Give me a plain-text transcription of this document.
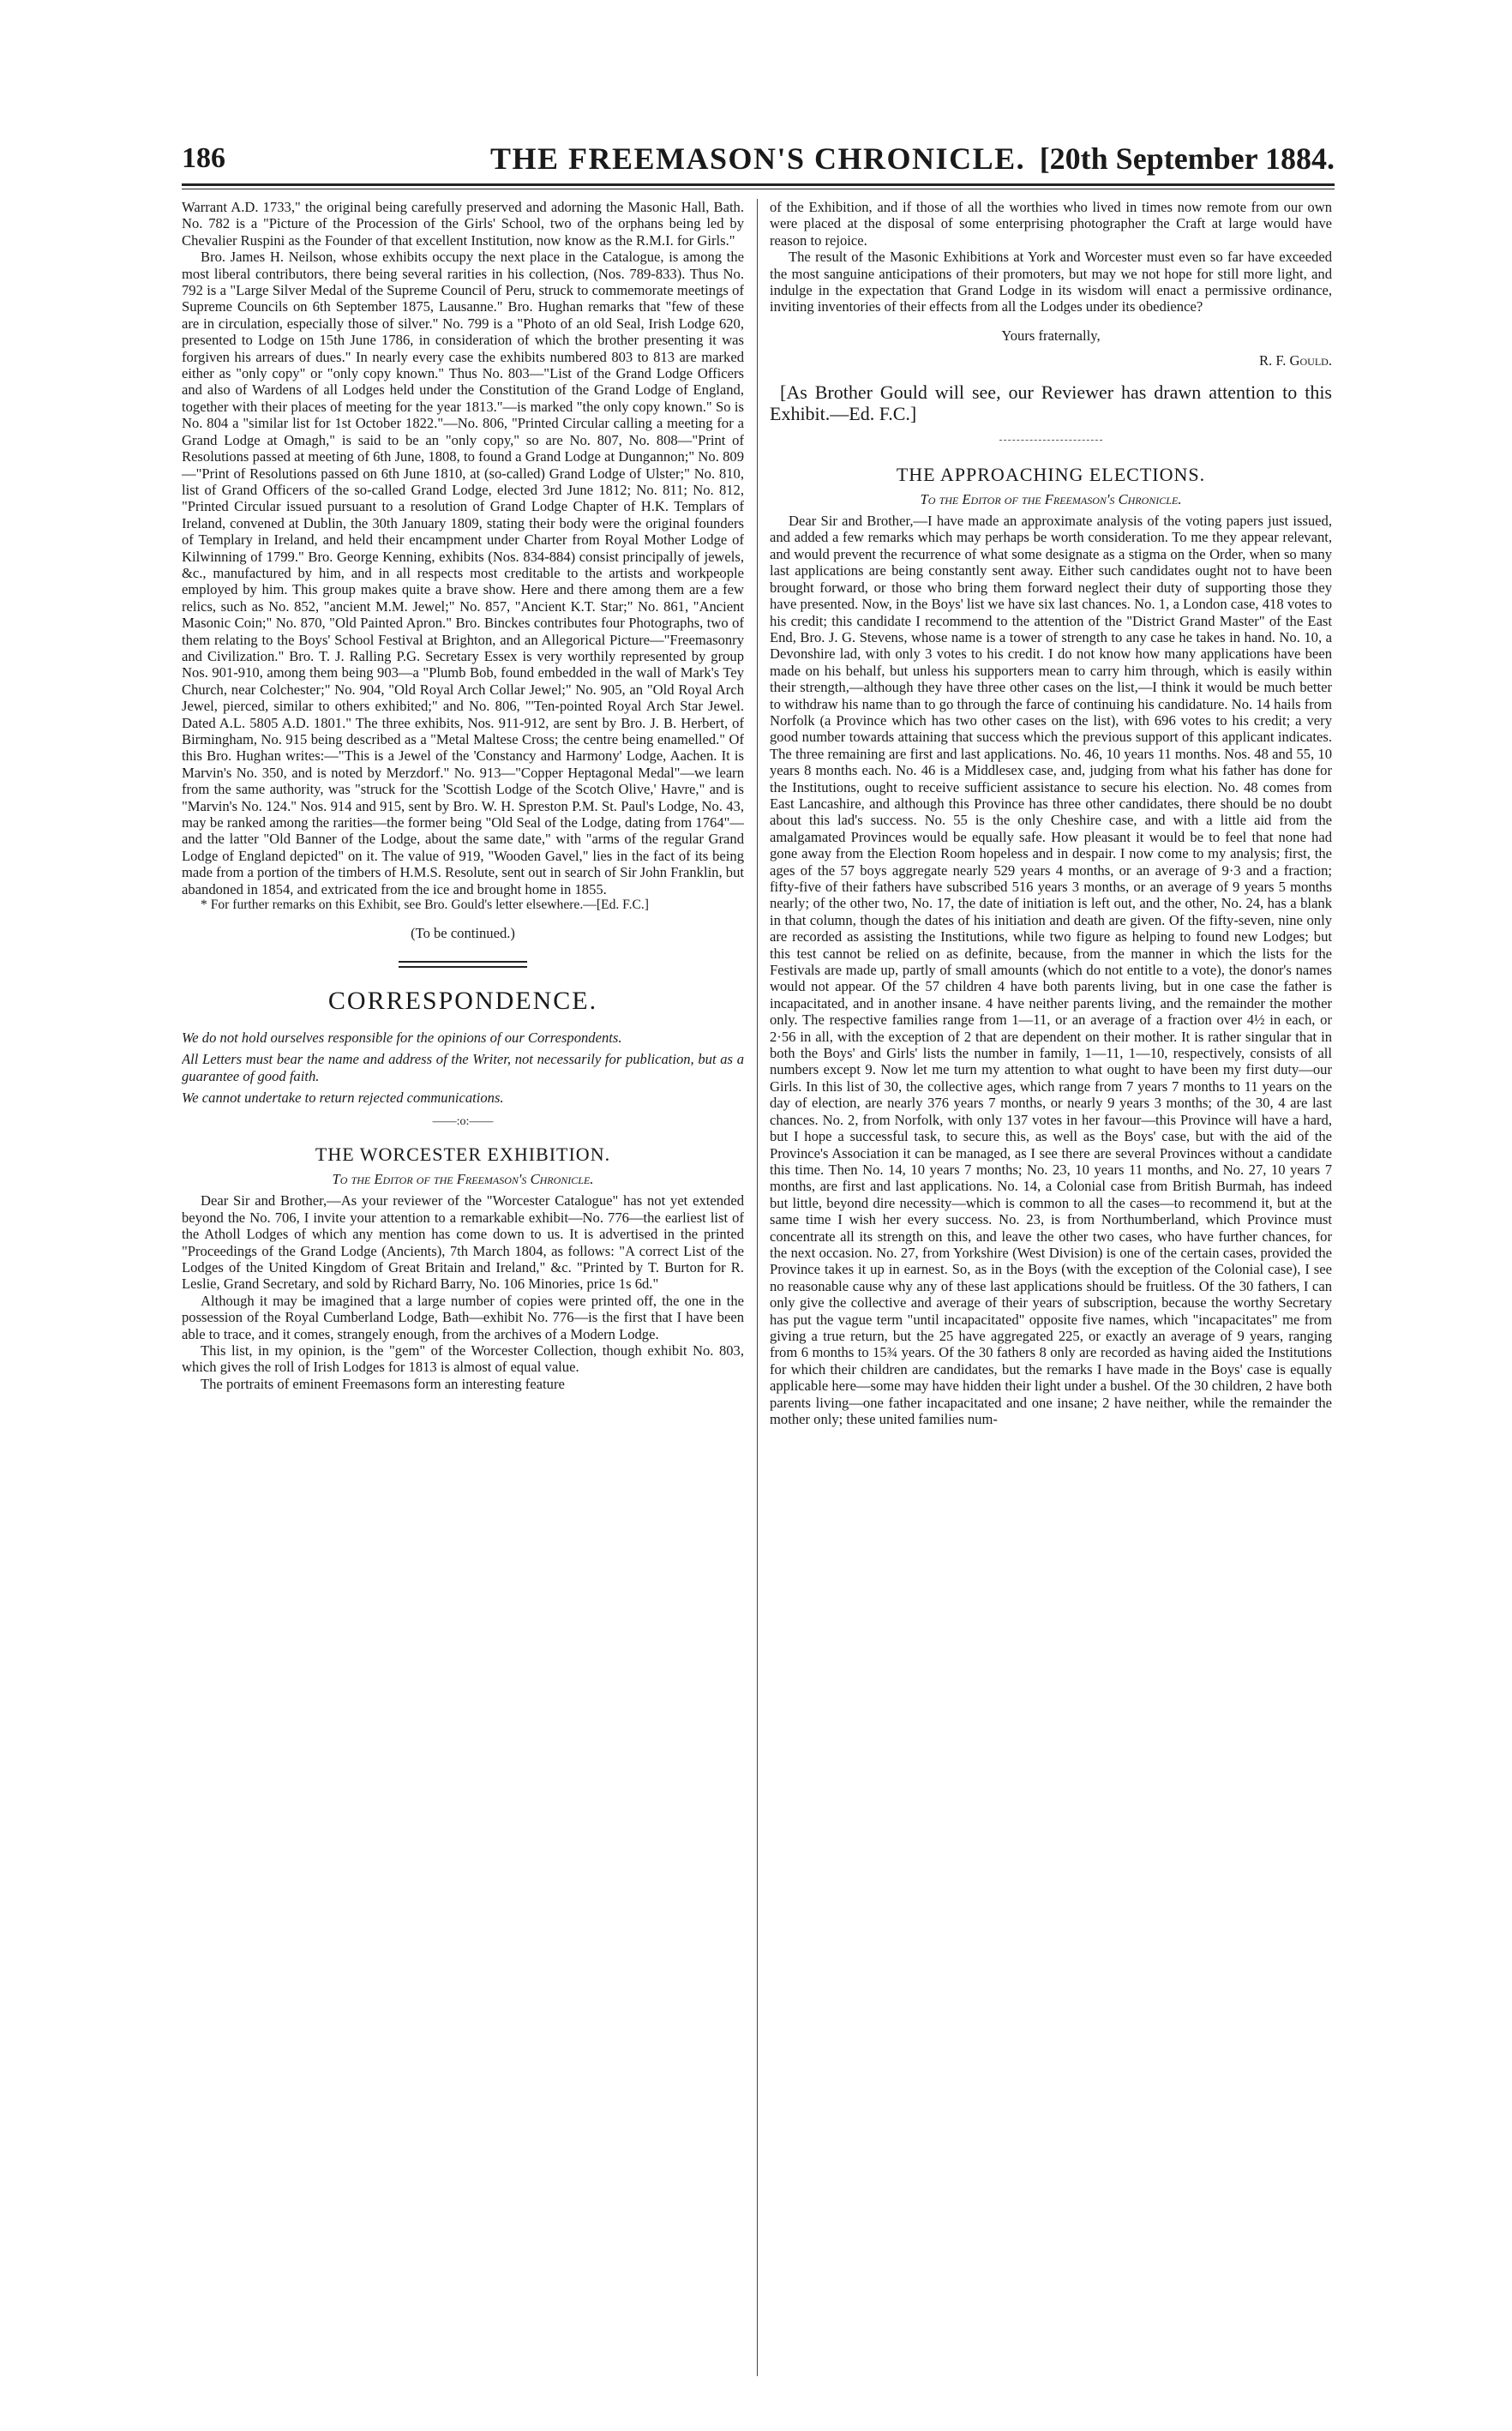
186	THE FREEMASON'S CHRONICLE. [20th September 1884.

Warrant A.D. 1733," the original being carefully preserved and adorning the Masonic Hall, Bath. No. 782 is a "Picture of the Procession of the Girls' School, two of the orphans being led by Chevalier Ruspini as the Founder of that excellent Institution, now know as the R.M.I. for Girls."

Bro. James H. Neilson, whose exhibits occupy the next place in the Catalogue, is among the most liberal contributors, there being several rarities in his collection, (Nos. 789-833). Thus No. 792 is a "Large Silver Medal of the Supreme Council of Peru, struck to commemorate meetings of Supreme Councils on 6th September 1875, Lausanne." Bro. Hughan remarks that "few of these are in circulation, especially those of silver." No. 799 is a "Photo of an old Seal, Irish Lodge 620, presented to Lodge on 15th June 1786, in consideration of which the brother presenting it was forgiven his arrears of dues." In nearly every case the exhibits numbered 803 to 813 are marked either as "only copy" or "only copy known." Thus No. 803—"List of the Grand Lodge Officers and also of Wardens of all Lodges held under the Constitution of the Grand Lodge of England, together with their places of meeting for the year 1813."—is marked "the only copy known." So is No. 804 a "similar list for 1st October 1822."—No. 806, "Printed Circular calling a meeting for a Grand Lodge at Omagh," is said to be an "only copy," so are No. 807, No. 808—"Print of Resolutions passed at meeting of 6th June, 1808, to found a Grand Lodge at Dungannon;" No. 809—"Print of Resolutions passed on 6th June 1810, at (so-called) Grand Lodge of Ulster;" No. 810, list of Grand Officers of the so-called Grand Lodge, elected 3rd June 1812; No. 811; No. 812, "Printed Circular issued pursuant to a resolution of Grand Lodge Chapter of H.K. Templars of Ireland, convened at Dublin, the 30th January 1809, stating their body were the original founders of Templary in Ireland, and held their encampment under Charter from Royal Mother Lodge of Kilwinning of 1799." Bro. George Kenning, exhibits (Nos. 834-884) consist principally of jewels, &c., manufactured by him, and in all respects most creditable to the artists and workpeople employed by him. This group makes quite a brave show. Here and there among them are a few relics, such as No. 852, "ancient M.M. Jewel;" No. 857, "Ancient K.T. Star;" No. 861, "Ancient Masonic Coin;" No. 870, "Old Painted Apron." Bro. Binckes contributes four Photographs, two of them relating to the Boys' School Festival at Brighton, and an Allegorical Picture—"Freemasonry and Civilization." Bro. T. J. Ralling P.G. Secretary Essex is very worthily represented by group Nos. 901-910, among them being 903—a "Plumb Bob, found embedded in the wall of Mark's Tey Church, near Colchester;" No. 904, "Old Royal Arch Collar Jewel;" No. 905, an "Old Royal Arch Jewel, pierced, similar to others exhibited;" and No. 806, "'Ten-pointed Royal Arch Star Jewel. Dated A.L. 5805 A.D. 1801." The three exhibits, Nos. 911-912, are sent by Bro. J. B. Herbert, of Birmingham, No. 915 being described as a "Metal Maltese Cross; the centre being enamelled." Of this Bro. Hughan writes:—"This is a Jewel of the 'Constancy and Harmony' Lodge, Aachen. It is Marvin's No. 350, and is noted by Merzdorf." No. 913—"Copper Heptagonal Medal"—we learn from the same authority, was "struck for the 'Scottish Lodge of the Scotch Olive,' Havre," and is "Marvin's No. 124." Nos. 914 and 915, sent by Bro. W. H. Spreston P.M. St. Paul's Lodge, No. 43, may be ranked among the rarities—the former being "Old Seal of the Lodge, dating from 1764"—and the latter "Old Banner of the Lodge, about the same date," with "arms of the regular Grand Lodge of England depicted" on it. The value of 919, "Wooden Gavel," lies in the fact of its being made from a portion of the timbers of H.M.S. Resolute, sent out in search of Sir John Franklin, but abandoned in 1854, and extricated from the ice and brought home in 1855.

* For further remarks on this Exhibit, see Bro. Gould's letter elsewhere.—[Ed. F.C.]

(To be continued.)

CORRESPONDENCE.

We do not hold ourselves responsible for the opinions of our Correspondents.

All Letters must bear the name and address of the Writer, not necessarily for publication, but as a guarantee of good faith.

We cannot undertake to return rejected communications.

——:o:——
THE WORCESTER EXHIBITION.
To the Editor of the Freemason's Chronicle.

Dear Sir and Brother,—As your reviewer of the "Worcester Catalogue" has not yet extended beyond the No. 706, I invite your attention to a remarkable exhibit—No. 776—the earliest list of the Atholl Lodges of which any mention has come down to us. It is advertised in the printed "Proceedings of the Grand Lodge (Ancients), 7th March 1804, as follows: "A correct List of the Lodges of the United Kingdom of Great Britain and Ireland," &c. "Printed by T. Burton for R. Leslie, Grand Secretary, and sold by Richard Barry, No. 106 Minories, price 1s 6d."

Although it may be imagined that a large number of copies were printed off, the one in the possession of the Royal Cumberland Lodge, Bath—exhibit No. 776—is the first that I have been able to trace, and it comes, strangely enough, from the archives of a Modern Lodge.

This list, in my opinion, is the "gem" of the Worcester Collection, though exhibit No. 803, which gives the roll of Irish Lodges for 1813 is almost of equal value.

The portraits of eminent Freemasons form an interesting feature

of the Exhibition, and if those of all the worthies who lived in times now remote from our own were placed at the disposal of some enterprising photographer the Craft at large would have reason to rejoice.

The result of the Masonic Exhibitions at York and Worcester must even so far have exceeded the most sanguine anticipations of their promoters, but may we not hope for still more light, and indulge in the expectation that Grand Lodge in its wisdom will enact a permissive ordinance, inviting inventories of their effects from all the Lodges under its obedience?

Yours fraternally,

R. F. Gould.

[As Brother Gould will see, our Reviewer has drawn attention to this Exhibit.—Ed. F.C.]

THE APPROACHING ELECTIONS.
To the Editor of the Freemason's Chronicle.

Dear Sir and Brother,—I have made an approximate analysis of the voting papers just issued, and added a few remarks which may perhaps be worth consideration. To me they appear relevant, and would prevent the recurrence of what some designate as a stigma on the Order, when so many last applications are being constantly sent away. Either such candidates ought not to have been brought forward, or those who bring them forward neglect their duty of supporting those they have presented. Now, in the Boys' list we have six last chances. No. 1, a London case, 418 votes to his credit; this candidate I recommend to the attention of the "District Grand Master" of the East End, Bro. J. G. Stevens, whose name is a tower of strength to any case he takes in hand. No. 10, a Devonshire lad, with only 3 votes to his credit. I do not know how many applications have been made on his behalf, but unless his supporters mean to carry him through, which is easily within their strength,—although they have three other cases on the list,—I think it would be much better to withdraw his name than to go through the farce of continuing his candidature. No. 14 hails from Norfolk (a Province which has two other cases on the list), with 696 votes to his credit; a very good number towards attaining that success which the previous support of this applicant indicates. The three remaining are first and last applications. No. 46, 10 years 11 months. Nos. 48 and 55, 10 years 8 months each. No. 46 is a Middlesex case, and, judging from what his father has done for the Institutions, ought to receive sufficient assistance to secure his election. No. 48 comes from East Lancashire, and although this Province has three other candidates, there should be no doubt about this lad's success. No. 55 is the only Cheshire case, and with a little aid from the amalgamated Provinces would be equally safe. How pleasant it would be to feel that none had gone away from the Election Room hopeless and in despair. I now come to my analysis; first, the ages of the 57 boys aggregate nearly 529 years 4 months, or an average of 9·3 and a fraction; fifty-five of their fathers have subscribed 516 years 3 months, or an average of 9 years 5 months nearly; of the other two, No. 17, the date of initiation is left out, and the other, No. 24, has a blank in that column, though the dates of his initiation and death are given. Of the fifty-seven, nine only are recorded as assisting the Institutions, while two figure as helping to found new Lodges; but this test cannot be relied on as definite, because, from the manner in which the lists for the Festivals are made up, partly of small amounts (which do not entitle to a vote), the donor's names would not appear. Of the 57 children 4 have both parents living, but in one case the father is incapacitated, and in another insane. 4 have neither parents living, and the remainder the mother only. The respective families range from 1—11, or an average of a fraction over 4½ in each, or 2·56 in all, with the exception of 2 that are dependent on their mother. It is rather singular that in both the Boys' and Girls' lists the number in family, 1—11, 1—10, respectively, consists of all numbers except 9. Now let me turn my attention to what ought to have been my first duty—our Girls. In this list of 30, the collective ages, which range from 7 years 7 months to 11 years on the day of election, are nearly 376 years 7 months, or nearly 9 years 3 months; of the 30, 4 are last chances. No. 2, from Norfolk, with only 137 votes in her favour—this Province will have a hard, but I hope a successful task, to secure this, as well as the Boys' case, but with the aid of the Province's Association it can be managed, as I see there are several Provinces without a candidate this time. Then No. 14, 10 years 7 months; No. 23, 10 years 11 months, and No. 27, 10 years 7 months, are first and last applications. No. 14, a Colonial case from British Burmah, has indeed but little, beyond dire necessity—which is common to all the cases—to recommend it, but at the same time I wish her every success. No. 23, is from Northumberland, which Province must concentrate all its strength on this, and leave the other two cases, who have further chances, for the next occasion. No. 27, from Yorkshire (West Division) is one of the certain cases, provided the Province takes it up in earnest. So, as in the Boys (with the exception of the Colonial case), I see no reasonable cause why any of these last applications should be fruitless. Of the 30 fathers, I can only give the collective and average of their years of subscription, because the worthy Secretary has put the vague term "until incapacitated" opposite five names, which "incapacitates" me from giving a true return, but the 25 have aggregated 225, or exactly an average of 9 years, ranging from 6 months to 15¾ years. Of the 30 fathers 8 only are recorded as having aided the Institutions for which their children are candidates, but the remarks I have made in the Boys' case is equally applicable here—some may have hidden their light under a bushel. Of the 30 children, 2 have both parents living—one father incapacitated and one insane; 2 have neither, while the remainder the mother only; these united families num-
